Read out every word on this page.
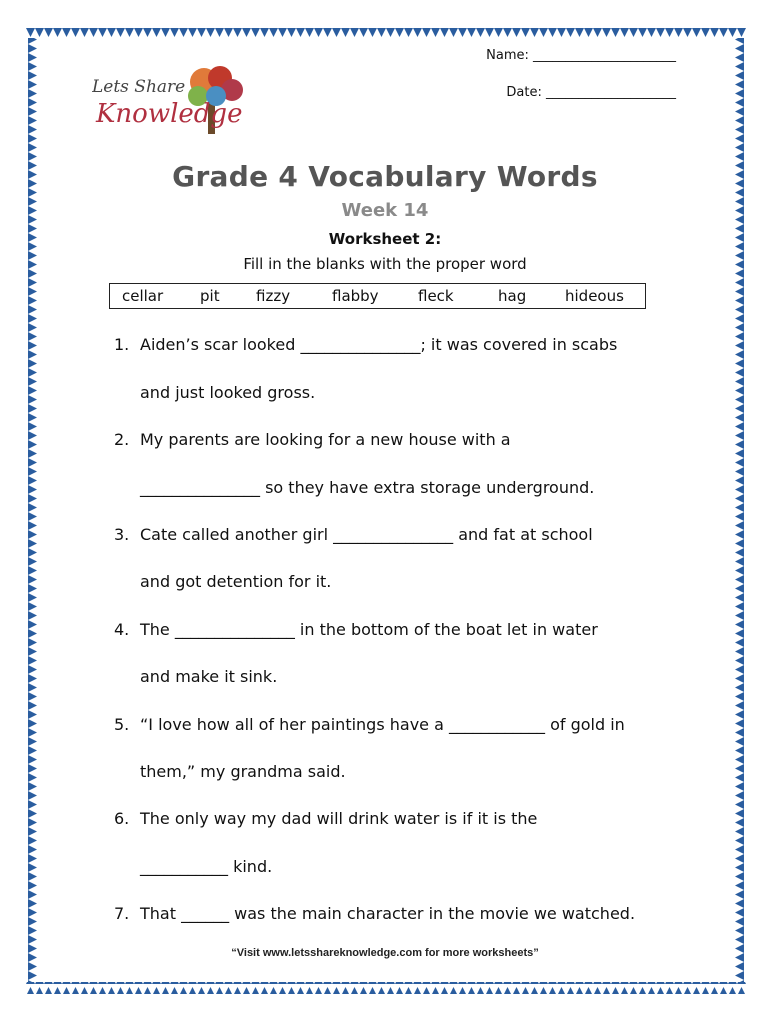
Name: ______________________
Date: ____________________
Lets Share
Knowledge
Grade 4 Vocabulary Words
Week 14
Worksheet 2:
Fill in the blanks with the proper word
cellar	pit	fizzy	flabby	fleck	hag	hideous
1. Aiden’s scar looked _______________; it was covered in scabs
and just looked gross.
2. My parents are looking for a new house with a
_______________ so they have extra storage underground.
3. Cate called another girl _______________ and fat at school
and got detention for it.
4. The _______________ in the bottom of the boat let in water
and make it sink.
5. “I love how all of her paintings have a ____________ of gold in
them,” my grandma said.
6. The only way my dad will drink water is if it is the
___________ kind.
7. That ______ was the main character in the movie we watched.
“Visit www.letsshareknowledge.com for more worksheets”
